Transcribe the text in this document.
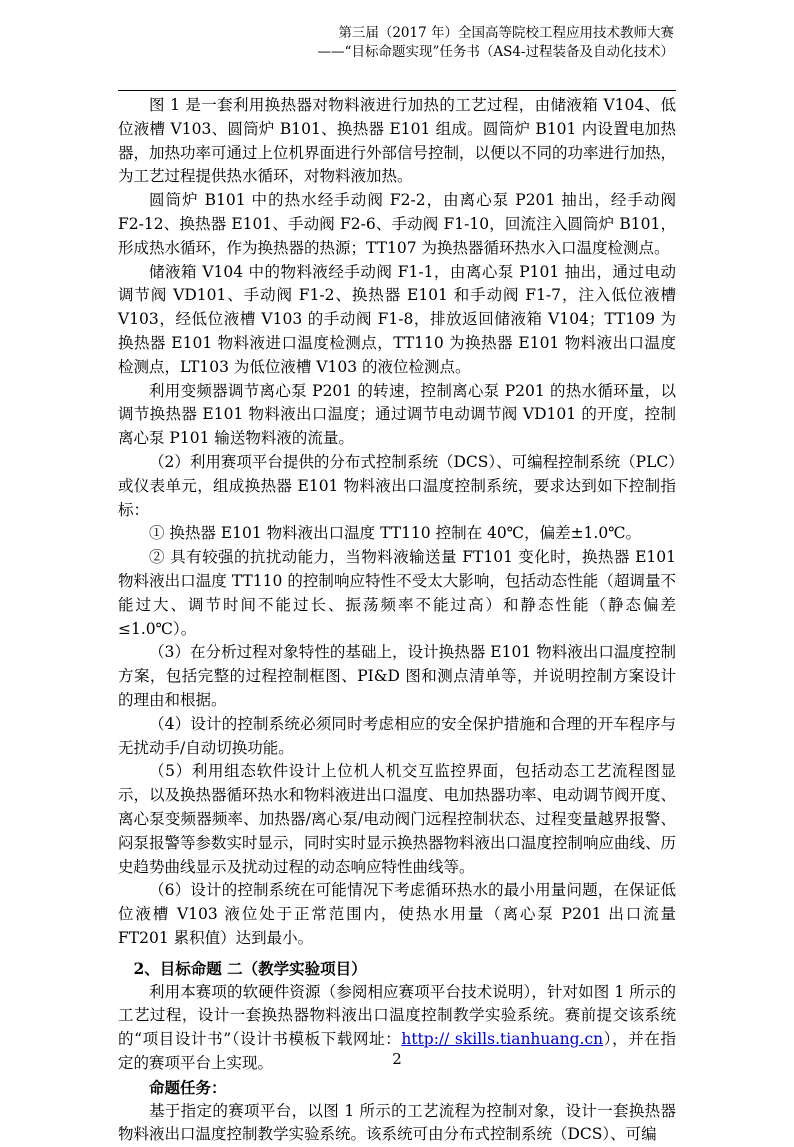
第三届（2017 年）全国高等院校工程应用技术教师大赛
——“目标命题实现”任务书（AS4-过程装备及自动化技术）

图 1 是一套利用换热器对物料液进行加热的工艺过程，由储液箱 V104、低位液槽 V103、圆筒炉 B101、换热器 E101 组成。圆筒炉 B101 内设置电加热器，加热功率可通过上位机界面进行外部信号控制，以便以不同的功率进行加热，为工艺过程提供热水循环，对物料液加热。

圆筒炉 B101 中的热水经手动阀 F2-2，由离心泵 P201 抽出，经手动阀 F2-12、换热器 E101、手动阀 F2-6、手动阀 F1-10，回流注入圆筒炉 B101，形成热水循环，作为换热器的热源；TT107 为换热器循环热水入口温度检测点。

储液箱 V104 中的物料液经手动阀 F1-1，由离心泵 P101 抽出，通过电动调节阀 VD101、手动阀 F1-2、换热器 E101 和手动阀 F1-7，注入低位液槽 V103，经低位液槽 V103 的手动阀 F1-8，排放返回储液箱 V104；TT109 为换热器 E101 物料液进口温度检测点，TT110 为换热器 E101 物料液出口温度检测点，LT103 为低位液槽 V103 的液位检测点。

利用变频器调节离心泵 P201 的转速，控制离心泵 P201 的热水循环量，以调节换热器 E101 物料液出口温度；通过调节电动调节阀 VD101 的开度，控制离心泵 P101 输送物料液的流量。

（2）利用赛项平台提供的分布式控制系统（DCS）、可编程控制系统（PLC）或仪表单元，组成换热器 E101 物料液出口温度控制系统，要求达到如下控制指标：

① 换热器 E101 物料液出口温度 TT110 控制在 40℃，偏差±1.0℃。

② 具有较强的抗扰动能力，当物料液输送量 FT101 变化时，换热器 E101 物料液出口温度 TT110 的控制响应特性不受太大影响，包括动态性能（超调量不能过大、调节时间不能过长、振荡频率不能过高）和静态性能（静态偏差≤1.0℃）。

（3）在分析过程对象特性的基础上，设计换热器 E101 物料液出口温度控制方案，包括完整的过程控制框图、PI&D 图和测点清单等，并说明控制方案设计的理由和根据。

（4）设计的控制系统必须同时考虑相应的安全保护措施和合理的开车程序与无扰动手/自动切换功能。

（5）利用组态软件设计上位机人机交互监控界面，包括动态工艺流程图显示，以及换热器循环热水和物料液进出口温度、电加热器功率、电动调节阀开度、离心泵变频器频率、加热器/离心泵/电动阀门远程控制状态、过程变量越界报警、闷泵报警等参数实时显示，同时实时显示换热器物料液出口温度控制响应曲线、历史趋势曲线显示及扰动过程的动态响应特性曲线等。

（6）设计的控制系统在可能情况下考虑循环热水的最小用量问题，在保证低位液槽 V103 液位处于正常范围内，使热水用量（离心泵 P201 出口流量 FT201 累积值）达到最小。

2、目标命题 二（教学实验项目）

利用本赛项的软硬件资源（参阅相应赛项平台技术说明），针对如图 1 所示的工艺过程，设计一套换热器物料液出口温度控制教学实验系统。赛前提交该系统的“项目设计书”（设计书模板下载网址：http:// skills.tianhuang.cn），并在指定的赛项平台上实现。

命题任务：

基于指定的赛项平台，以图 1 所示的工艺流程为控制对象，设计一套换热器物料液出口温度控制教学实验系统。该系统可由分布式控制系统（DCS）、可编

2
